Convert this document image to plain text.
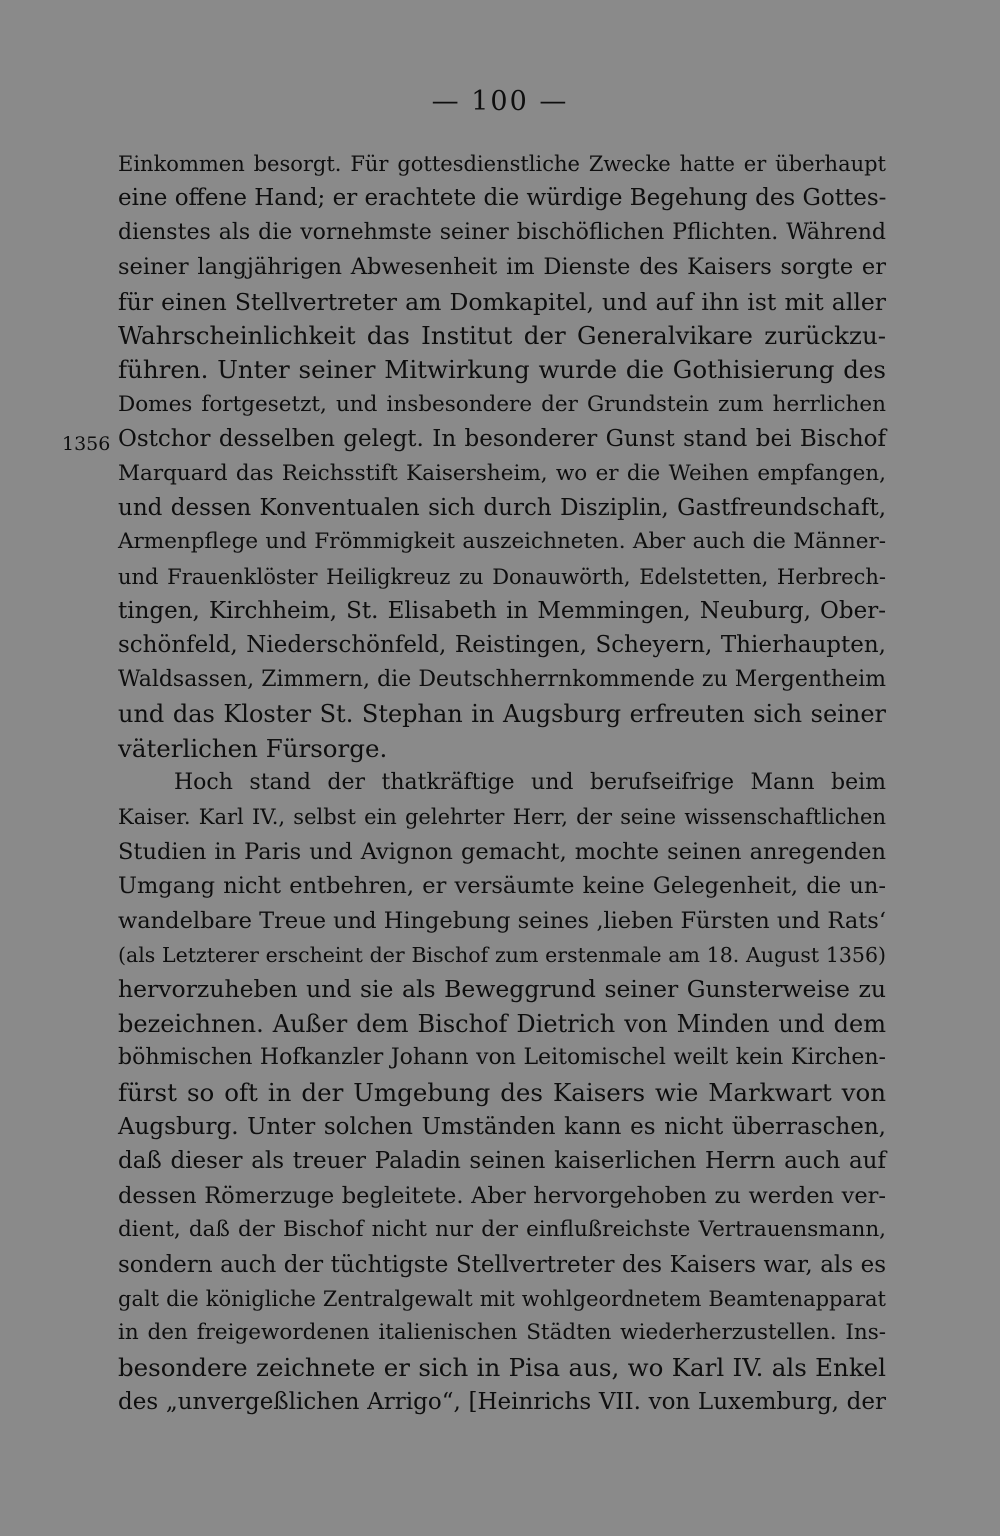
— 100 —
1356
Einkommen besorgt. Für gottesdienstliche Zwecke hatte er überhaupt
eine offene Hand; er erachtete die würdige Begehung des Gottes-
dienstes als die vornehmste seiner bischöflichen Pflichten. Während
seiner langjährigen Abwesenheit im Dienste des Kaisers sorgte er
für einen Stellvertreter am Domkapitel, und auf ihn ist mit aller
Wahrscheinlichkeit das Institut der Generalvikare zurückzu-
führen. Unter seiner Mitwirkung wurde die Gothisierung des
Domes fortgesetzt, und insbesondere der Grundstein zum herrlichen
Ostchor desselben gelegt. In besonderer Gunst stand bei Bischof
Marquard das Reichsstift Kaisersheim, wo er die Weihen empfangen,
und dessen Konventualen sich durch Disziplin, Gastfreundschaft,
Armenpflege und Frömmigkeit auszeichneten. Aber auch die Männer-
und Frauenklöster Heiligkreuz zu Donauwörth, Edelstetten, Herbrech-
tingen, Kirchheim, St. Elisabeth in Memmingen, Neuburg, Ober-
schönfeld, Niederschönfeld, Reistingen, Scheyern, Thierhaupten,
Waldsassen, Zimmern, die Deutschherrnkommende zu Mergentheim
und das Kloster St. Stephan in Augsburg erfreuten sich seiner
väterlichen Fürsorge.
Hoch stand der thatkräftige und berufseifrige Mann beim
Kaiser. Karl IV., selbst ein gelehrter Herr, der seine wissenschaftlichen
Studien in Paris und Avignon gemacht, mochte seinen anregenden
Umgang nicht entbehren, er versäumte keine Gelegenheit, die un-
wandelbare Treue und Hingebung seines ‚lieben Fürsten und Rats‘
(als Letzterer erscheint der Bischof zum erstenmale am 18. August 1356)
hervorzuheben und sie als Beweggrund seiner Gunsterweise zu
bezeichnen. Außer dem Bischof Dietrich von Minden und dem
böhmischen Hofkanzler Johann von Leitomischel weilt kein Kirchen-
fürst so oft in der Umgebung des Kaisers wie Markwart von
Augsburg. Unter solchen Umständen kann es nicht überraschen,
daß dieser als treuer Paladin seinen kaiserlichen Herrn auch auf
dessen Römerzuge begleitete. Aber hervorgehoben zu werden ver-
dient, daß der Bischof nicht nur der einflußreichste Vertrauensmann,
sondern auch der tüchtigste Stellvertreter des Kaisers war, als es
galt die königliche Zentralgewalt mit wohlgeordnetem Beamtenapparat
in den freigewordenen italienischen Städten wiederherzustellen. Ins-
besondere zeichnete er sich in Pisa aus, wo Karl IV. als Enkel
des „unvergeßlichen Arrigo“, [Heinrichs VII. von Luxemburg, der
